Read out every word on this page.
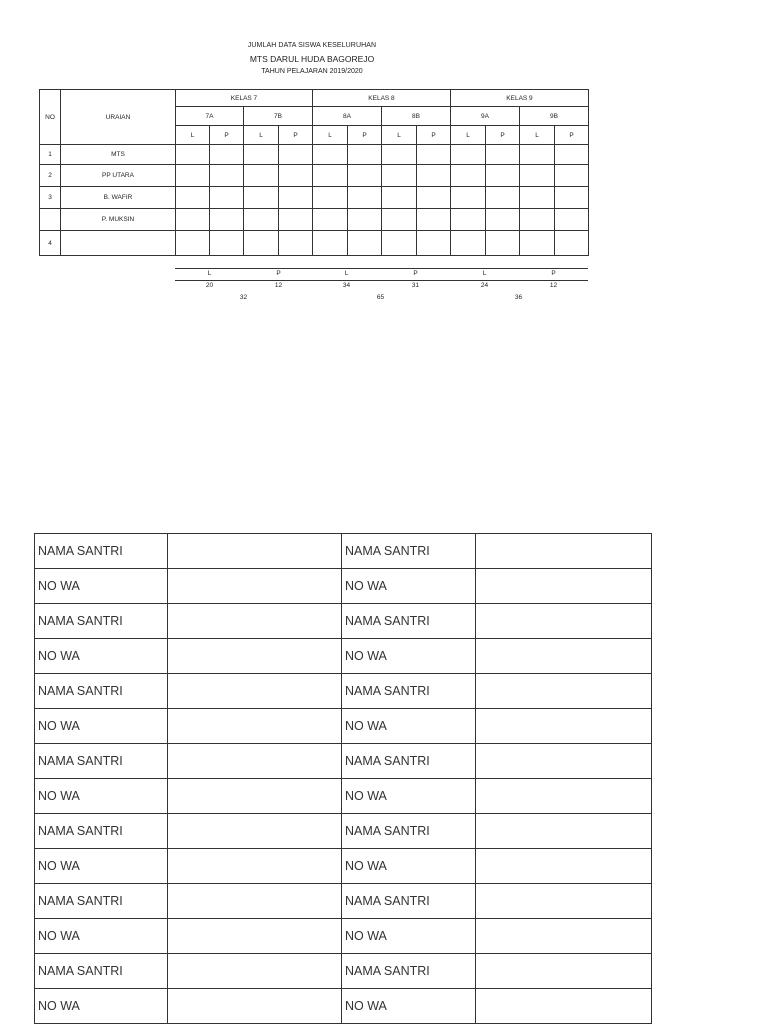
JUMLAH DATA SISWA KESELURUHAN
MTS DARUL HUDA BAGOREJO
TAHUN PELAJARAN 2019/2020
NO	URAIAN	KELAS 7				KELAS 8				KELAS 9			
		7A		7B		8A		8B		9A		9B	
		L	P	L	P	L	P	L	P	L	P	L	P
1	MTS												
2	PP UTARA												
3	B. WAFIR												
	P. MUKSIN												
4													
L	P	L	P	L	P
20	12	34	31	24	12
32	65	36
NAMA SANTRI		NAMA SANTRI	
NO WA		NO WA	
NAMA SANTRI		NAMA SANTRI	
NO WA		NO WA	
NAMA SANTRI		NAMA SANTRI	
NO WA		NO WA	
NAMA SANTRI		NAMA SANTRI	
NO WA		NO WA	
NAMA SANTRI		NAMA SANTRI	
NO WA		NO WA	
NAMA SANTRI		NAMA SANTRI	
NO WA		NO WA	
NAMA SANTRI		NAMA SANTRI	
NO WA		NO WA	
